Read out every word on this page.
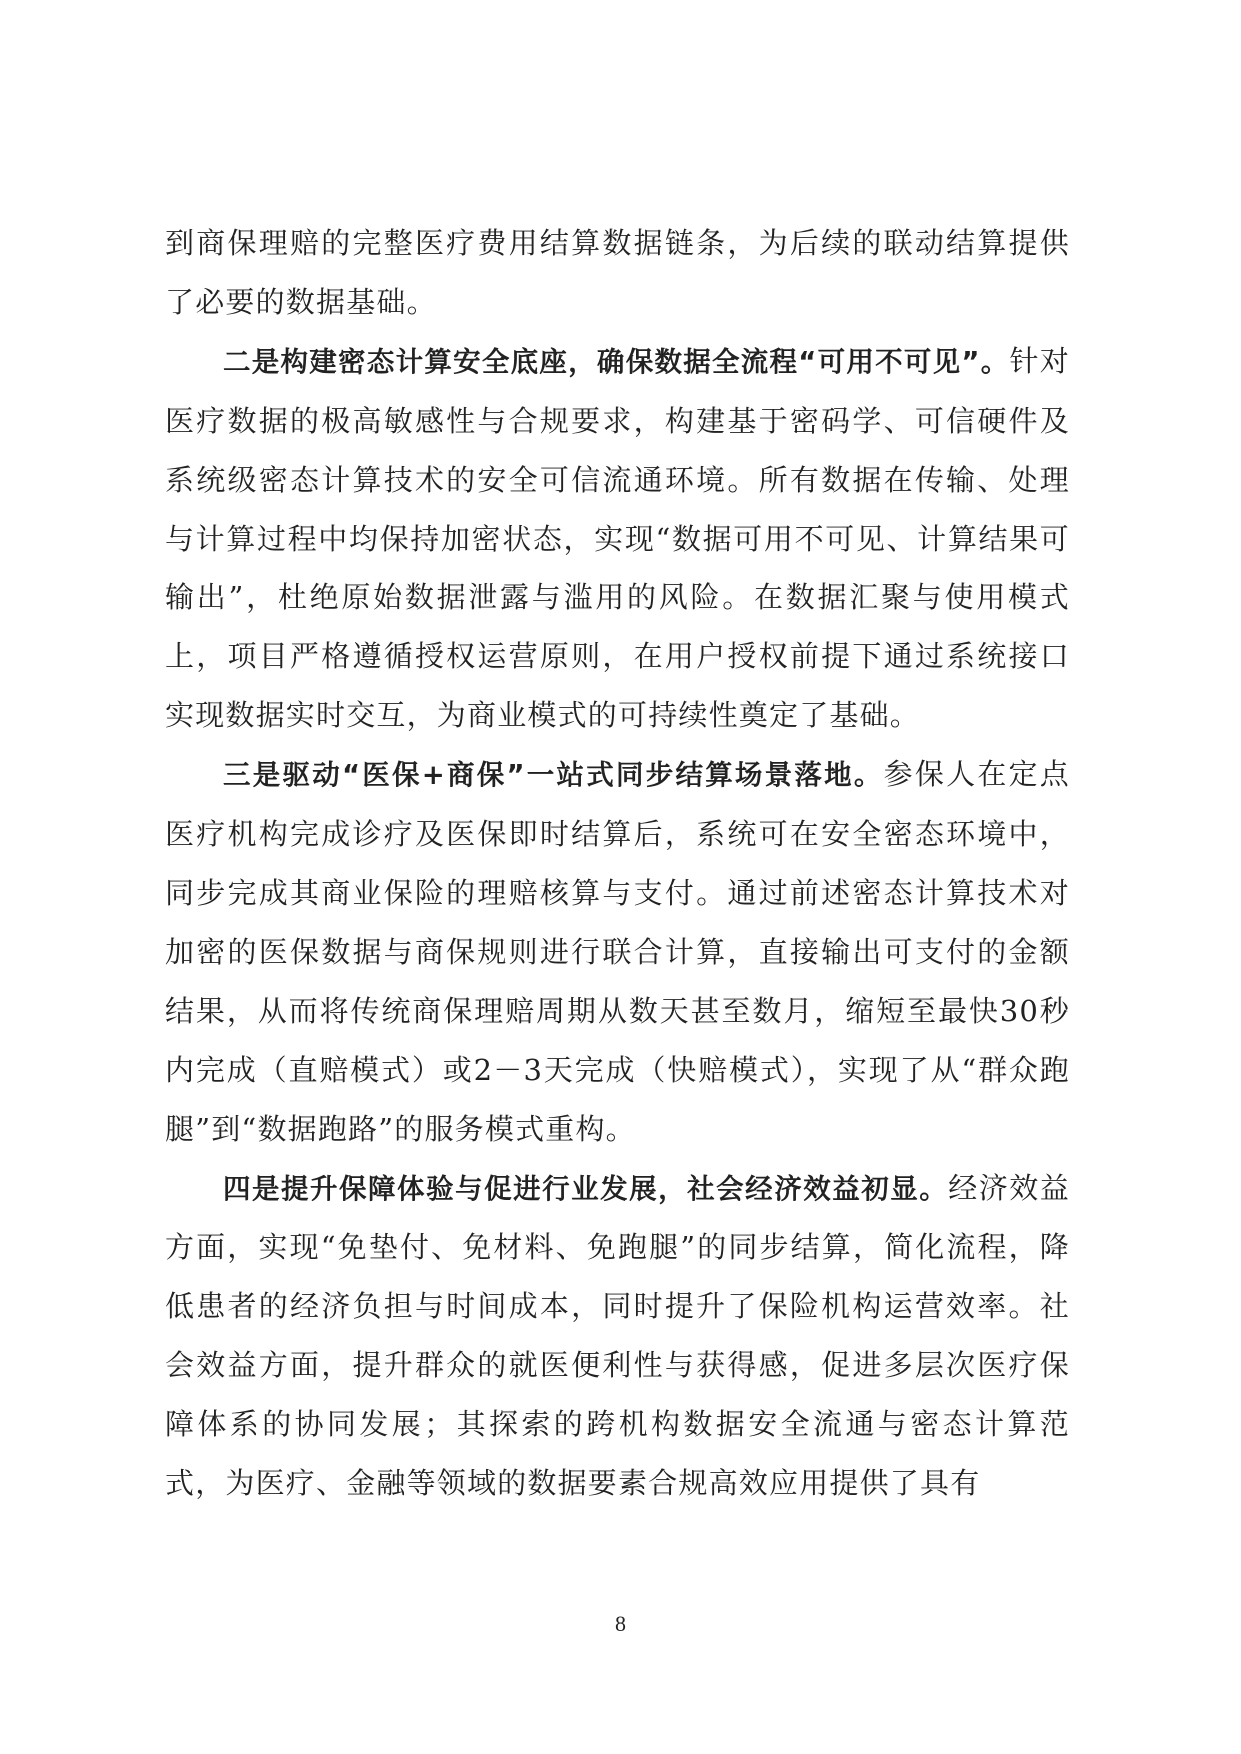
到商保理赔的完整医疗费用结算数据链条，为后续的联动结算提供了必要的数据基础。

二是构建密态计算安全底座，确保数据全流程“可用不可见”。针对医疗数据的极高敏感性与合规要求，构建基于密码学、可信硬件及系统级密态计算技术的安全可信流通环境。所有数据在传输、处理与计算过程中均保持加密状态，实现“数据可用不可见、计算结果可输出”，杜绝原始数据泄露与滥用的风险。在数据汇聚与使用模式上，项目严格遵循授权运营原则，在用户授权前提下通过系统接口实现数据实时交互，为商业模式的可持续性奠定了基础。

三是驱动“医保+商保”一站式同步结算场景落地。参保人在定点医疗机构完成诊疗及医保即时结算后，系统可在安全密态环境中，同步完成其商业保险的理赔核算与支付。通过前述密态计算技术对加密的医保数据与商保规则进行联合计算，直接输出可支付的金额结果，从而将传统商保理赔周期从数天甚至数月，缩短至最快30秒内完成（直赔模式）或2－3天完成（快赔模式），实现了从“群众跑腿”到“数据跑路”的服务模式重构。

四是提升保障体验与促进行业发展，社会经济效益初显。经济效益方面，实现“免垫付、免材料、免跑腿”的同步结算，简化流程，降低患者的经济负担与时间成本，同时提升了保险机构运营效率。社会效益方面，提升群众的就医便利性与获得感，促进多层次医疗保障体系的协同发展；其探索的跨机构数据安全流通与密态计算范式，为医疗、金融等领域的数据要素合规高效应用提供了具有

8
